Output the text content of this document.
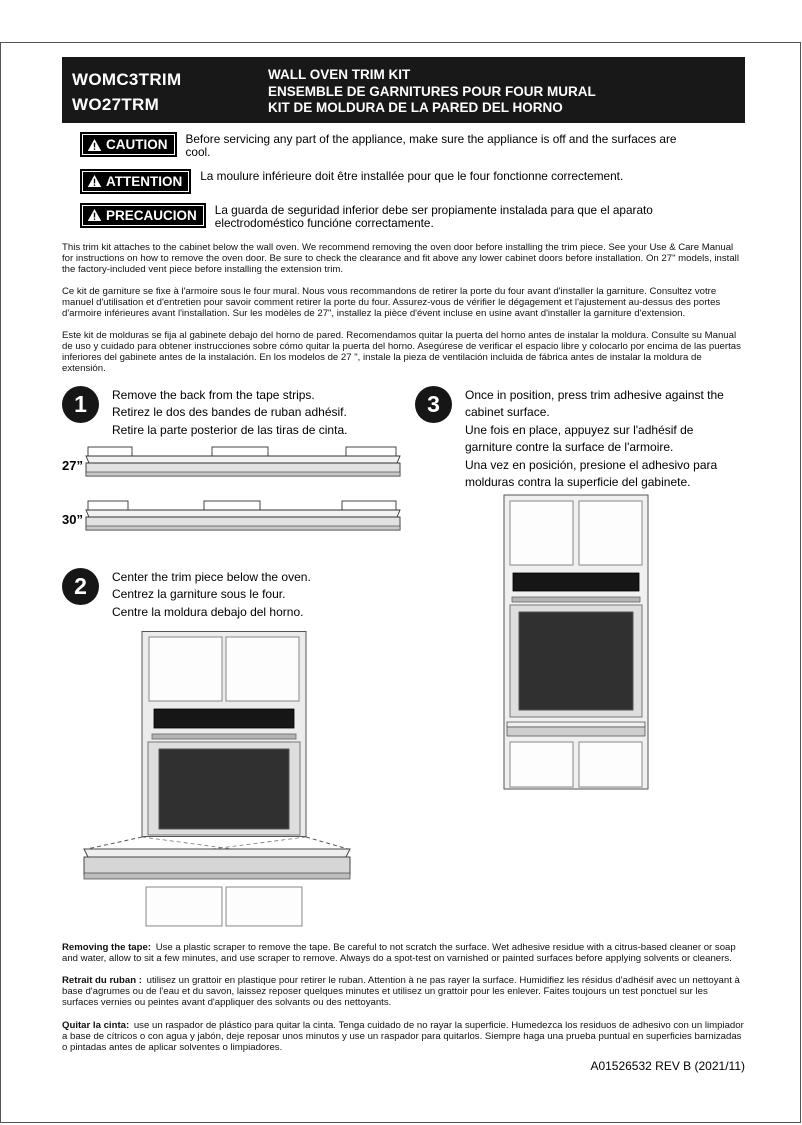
WOMC3TRIM
WO27TRM
WALL OVEN TRIM KIT
ENSEMBLE DE GARNITURES POUR FOUR MURAL
KIT DE MOLDURA DE LA PARED DEL HORNO
CAUTION	Before servicing any part of the appliance, make sure the appliance is off and the surfaces are cool.
ATTENTION	La moulure inférieure doit être installée pour que le four fonctionne correctement.
PRECAUCION	La guarda de seguridad inferior debe ser propiamente instalada para que el aparato electrodoméstico funcióne correctamente.

This trim kit attaches to the cabinet below the wall oven. We recommend removing the oven door before installing the trim piece. See your Use & Care Manual for instructions on how to remove the oven door. Be sure to check the clearance and fit above any lower cabinet doors before installation. On 27" models, install the factory-included vent piece before installing the extension trim.

Ce kit de garniture se fixe à l'armoire sous le four mural. Nous vous recommandons de retirer la porte du four avant d'installer la garniture. Consultez votre manuel d'utilisation et d'entretien pour savoir comment retirer la porte du four. Assurez-vous de vérifier le dégagement et l'ajustement au-dessus des portes d'armoire inférieures avant l'installation. Sur les modèles de 27", installez la pièce d'évent incluse en usine avant d'installer la garniture d'extension.

Este kit de molduras se fija al gabinete debajo del horno de pared. Recomendamos quitar la puerta del horno antes de instalar la moldura. Consulte su Manual de uso y cuidado para obtener instrucciones sobre cómo quitar la puerta del horno. Asegúrese de verificar el espacio libre y colocarlo por encima de las puertas inferiores del gabinete antes de la instalación. En los modelos de 27 ", instale la pieza de ventilación incluida de fábrica antes de instalar la moldura de extensión.

1	Remove the back from the tape strips.
Retirez le dos des bandes de ruban adhésif.
Retire la parte posterior de las tiras de cinta.
3	Once in position, press trim adhesive against the cabinet surface.
Une fois en place, appuyez sur l'adhésif de garniture contre la surface de l'armoire.
Una vez en posición, presione el adhesivo para molduras contra la superficie del gabinete.
27”
30”
2	Center the trim piece below the oven.
Centrez la garniture sous le four.
Centre la moldura debajo del horno.

Removing the tape: Use a plastic scraper to remove the tape. Be careful to not scratch the surface. Wet adhesive residue with a citrus-based cleaner or soap and water, allow to sit a few minutes, and use scraper to remove. Always do a spot-test on varnished or painted surfaces before applying solvents or cleaners.

Retrait du ruban : utilisez un grattoir en plastique pour retirer le ruban. Attention à ne pas rayer la surface. Humidifiez les résidus d'adhésif avec un nettoyant à base d'agrumes ou de l'eau et du savon, laissez reposer quelques minutes et utilisez un grattoir pour les enlever. Faites toujours un test ponctuel sur les surfaces vernies ou peintes avant d'appliquer des solvants ou des nettoyants.

Quitar la cinta: use un raspador de plástico para quitar la cinta. Tenga cuidado de no rayar la superficie. Humedezca los residuos de adhesivo con un limpiador a base de cítricos o con agua y jabón, deje reposar unos minutos y use un raspador para quitarlos. Siempre haga una prueba puntual en superficies barnizadas o pintadas antes de aplicar solventes o limpiadores.

A01526532 REV B (2021/11)
